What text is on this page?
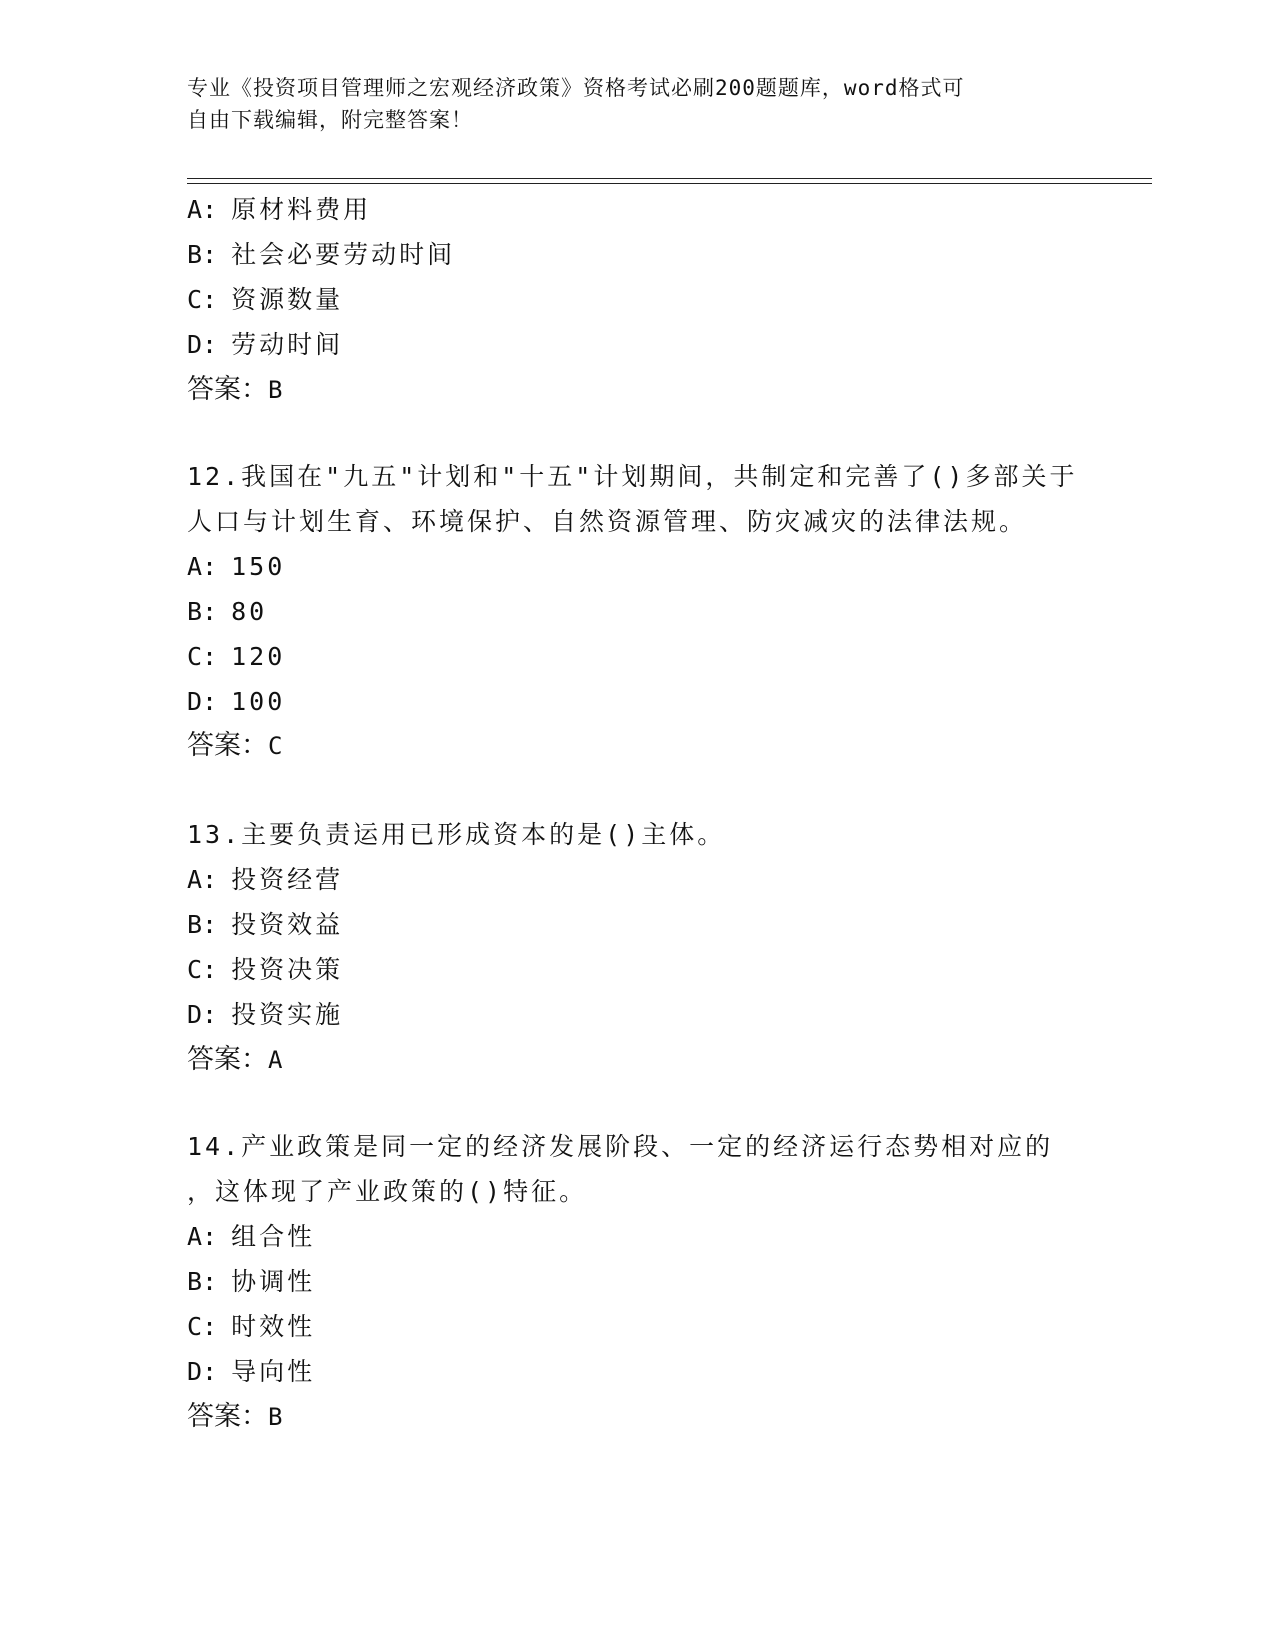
专业《投资项目管理师之宏观经济政策》资格考试必刷200题题库，word格式可
自由下载编辑，附完整答案！
A: 原材料费用
B: 社会必要劳动时间
C: 资源数量
D: 劳动时间
答案：B
12.我国在"九五"计划和"十五"计划期间，共制定和完善了()多部关于
人口与计划生育、环境保护、自然资源管理、防灾减灾的法律法规。
A: 150
B: 80
C: 120
D: 100
答案：C
13.主要负责运用已形成资本的是()主体。
A: 投资经营
B: 投资效益
C: 投资决策
D: 投资实施
答案：A
14.产业政策是同一定的经济发展阶段、一定的经济运行态势相对应的
，这体现了产业政策的()特征。
A: 组合性
B: 协调性
C: 时效性
D: 导向性
答案：B
